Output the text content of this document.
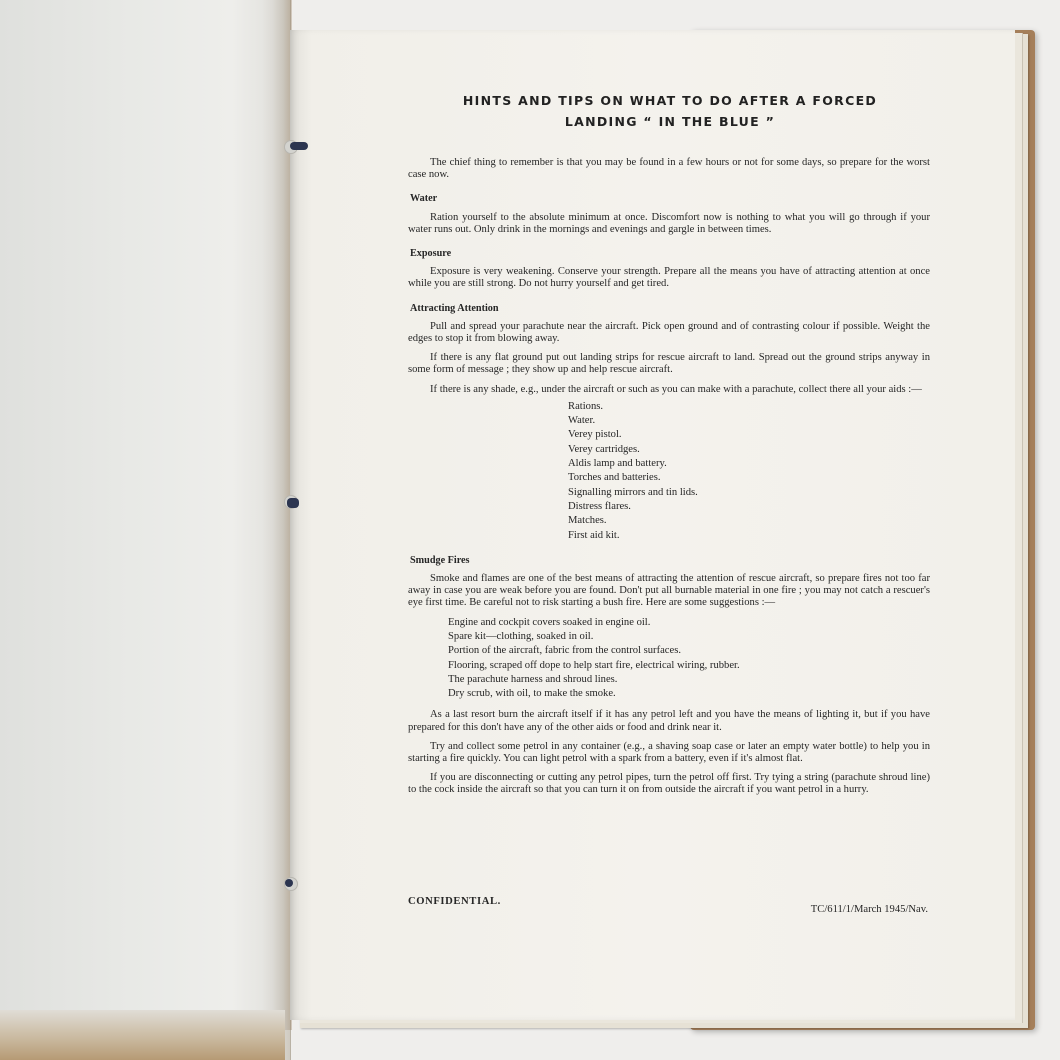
HINTS AND TIPS ON WHAT TO DO AFTER A FORCED
LANDING “ IN THE BLUE ”

The chief thing to remember is that you may be found in a few hours or not for some days, so prepare for the worst case now.

Water

Ration yourself to the absolute minimum at once. Discomfort now is nothing to what you will go through if your water runs out. Only drink in the mornings and evenings and gargle in between times.

Exposure

Exposure is very weakening. Conserve your strength. Prepare all the means you have of attracting attention at once while you are still strong. Do not hurry yourself and get tired.

Attracting Attention

Pull and spread your parachute near the aircraft. Pick open ground and of contrasting colour if possible. Weight the edges to stop it from blowing away.

If there is any flat ground put out landing strips for rescue aircraft to land. Spread out the ground strips anyway in some form of message ; they show up and help rescue aircraft.

If there is any shade, e.g., under the aircraft or such as you can make with a parachute, collect there all your aids :—

Rations.
Water.
Verey pistol.
Verey cartridges.
Aldis lamp and battery.
Torches and batteries.
Signalling mirrors and tin lids.
Distress flares.
Matches.
First aid kit.
Smudge Fires

Smoke and flames are one of the best means of attracting the attention of rescue aircraft, so prepare fires not too far away in case you are weak before you are found. Don't put all burnable material in one fire ; you may not catch a rescuer's eye first time. Be careful not to risk starting a bush fire. Here are some suggestions :—

Engine and cockpit covers soaked in engine oil.
Spare kit—clothing, soaked in oil.
Portion of the aircraft, fabric from the control surfaces.
Flooring, scraped off dope to help start fire, electrical wiring, rubber.
The parachute harness and shroud lines.
Dry scrub, with oil, to make the smoke.

As a last resort burn the aircraft itself if it has any petrol left and you have the means of lighting it, but if you have prepared for this don't have any of the other aids or food and drink near it.

Try and collect some petrol in any container (e.g., a shaving soap case or later an empty water bottle) to help you in starting a fire quickly. You can light petrol with a spark from a battery, even if it's almost flat.

If you are disconnecting or cutting any petrol pipes, turn the petrol off first. Try tying a string (parachute shroud line) to the cock inside the aircraft so that you can turn it on from outside the aircraft if you want petrol in a hurry.

CONFIDENTIAL.
TC/611/1/March 1945/Nav.
